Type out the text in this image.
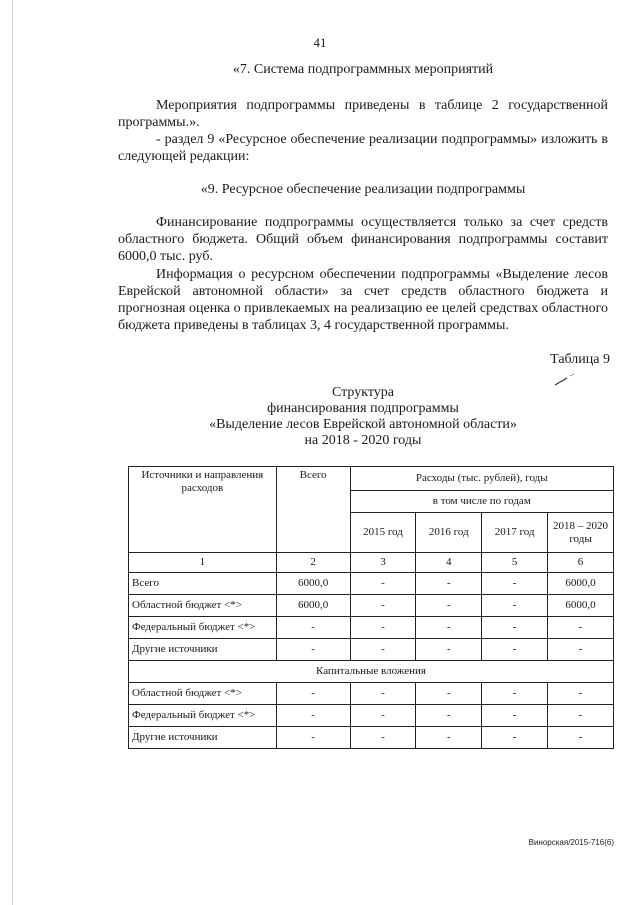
41
«7. Система подпрограммных мероприятий
Мероприятия подпрограммы приведены в таблице 2 государственной программы.».
- раздел 9 «Ресурсное обеспечение реализации подпрограммы» изложить в следующей редакции:
«9. Ресурсное обеспечение реализации подпрограммы
Финансирование подпрограммы осуществляется только за счет средств областного бюджета. Общий объем финансирования подпрограммы составит 6000,0 тыс. руб.
Информация о ресурсном обеспечении подпрограммы «Выделение лесов Еврейской автономной области» за счет средств областного бюджета и прогнозная оценка о привлекаемых на реализацию ее целей средствах областного бюджета приведены в таблицах 3, 4 государственной программы.
Таблица 9
Структура
финансирования подпрограммы
«Выделение лесов Еврейской автономной области»
на 2018 - 2020 годы
Источники и направления расходов	Всего	Расходы (тыс. рублей), годы			
		в том числе по годам			
		2015 год	2016 год	2017 год	2018 – 2020 годы
1	2	3	4	5	6
Всего	6000,0	-	-	-	6000,0
Областной бюджет <*>	6000,0	-	-	-	6000,0
Федеральный бюджет <*>	-	-	-	-	-
Другие источники	-	-	-	-	-
Капитальные вложения					
Областной бюджет <*>	-	-	-	-	-
Федеральный бюджет <*>	-	-	-	-	-
Другие источники	-	-	-	-	-
Винорская/2015-716(6)
